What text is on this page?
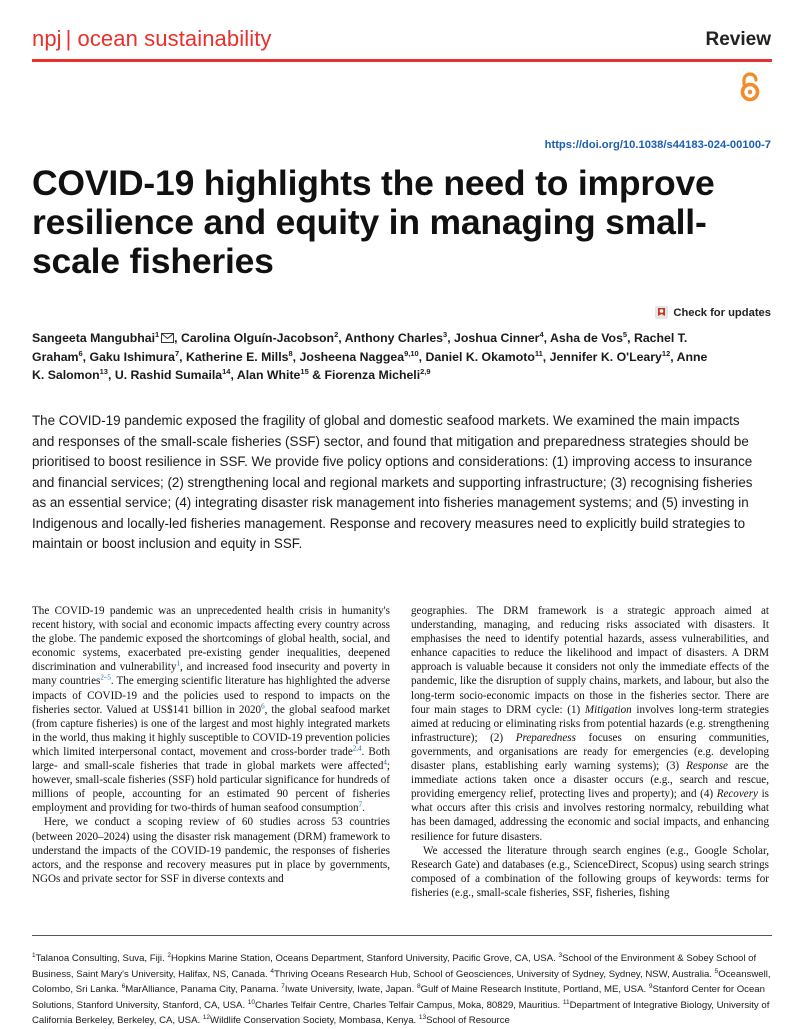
npj | ocean sustainability	Review
https://doi.org/10.1038/s44183-024-00100-7
COVID-19 highlights the need to improve resilience and equity in managing small-scale fisheries
Check for updates
Sangeeta Mangubhai$^1$ , Carolina Olguín-Jacobson$^2$, Anthony Charles$^3$, Joshua Cinner$^4$, Asha de Vos$^5$, Rachel T. Graham$^6$, Gaku Ishimura$^7$, Katherine E. Mills$^8$, Josheena Naggea$^{9,10}$, Daniel K. Okamoto$^{11}$, Jennifer K. O'Leary$^{12}$, Anne K. Salomon$^{13}$, U. Rashid Sumaila$^{14}$, Alan White$^{15}$ & Fiorenza Micheli$^{2,9}$

The COVID-19 pandemic exposed the fragility of global and domestic seafood markets. We examined the main impacts and responses of the small-scale fisheries (SSF) sector, and found that mitigation and preparedness strategies should be prioritised to boost resilience in SSF. We provide five policy options and considerations: (1) improving access to insurance and financial services; (2) strengthening local and regional markets and supporting infrastructure; (3) recognising fisheries as an essential service; (4) integrating disaster risk management into fisheries management systems; and (5) investing in Indigenous and locally-led fisheries management. Response and recovery measures need to explicitly build strategies to maintain or boost inclusion and equity in SSF.

The COVID-19 pandemic was an unprecedented health crisis in humanity's recent history, with social and economic impacts affecting every country across the globe. The pandemic exposed the shortcomings of global health, social, and economic systems, exacerbated pre-existing gender inequalities, deepened discrimination and vulnerability$^1$, and increased food insecurity and poverty in many countries$^{2-5}$. The emerging scientific literature has highlighted the adverse impacts of COVID-19 and the policies used to respond to impacts on the fisheries sector. Valued at US$141 billion in 2020$^6$, the global seafood market (from capture fisheries) is one of the largest and most highly integrated markets in the world, thus making it highly susceptible to COVID-19 prevention policies which limited interpersonal contact, movement and cross-border trade$^{2,4}$. Both large- and small-scale fisheries that trade in global markets were affected$^4$; however, small-scale fisheries (SSF) hold particular significance for hundreds of millions of people, accounting for an estimated 90 percent of fisheries employment and providing for two-thirds of human seafood consumption$^7$.

Here, we conduct a scoping review of 60 studies across 53 countries (between 2020–2024) using the disaster risk management (DRM) framework to understand the impacts of the COVID-19 pandemic, the responses of fisheries actors, and the response and recovery measures put in place by governments, NGOs and private sector for SSF in diverse contexts and

geographies. The DRM framework is a strategic approach aimed at understanding, managing, and reducing risks associated with disasters. It emphasises the need to identify potential hazards, assess vulnerabilities, and enhance capacities to reduce the likelihood and impact of disasters. A DRM approach is valuable because it considers not only the immediate effects of the pandemic, like the disruption of supply chains, markets, and labour, but also the long-term socio-economic impacts on those in the fisheries sector. There are four main stages to DRM cycle: (1) Mitigation involves long-term strategies aimed at reducing or eliminating risks from potential hazards (e.g. strengthening infrastructure); (2) Preparedness focuses on ensuring communities, governments, and organisations are ready for emergencies (e.g. developing disaster plans, establishing early warning systems); (3) Response are the immediate actions taken once a disaster occurs (e.g., search and rescue, providing emergency relief, protecting lives and property); and (4) Recovery is what occurs after this crisis and involves restoring normalcy, rebuilding what has been damaged, addressing the economic and social impacts, and enhancing resilience for future disasters.

We accessed the literature through search engines (e.g., Google Scholar, Research Gate) and databases (e.g., ScienceDirect, Scopus) using search strings composed of a combination of the following groups of keywords: terms for fisheries (e.g., small-scale fisheries, SSF, fisheries, fishing

$^1$Talanoa Consulting, Suva, Fiji. $^2$Hopkins Marine Station, Oceans Department, Stanford University, Pacific Grove, CA, USA. $^3$School of the Environment & Sobey School of Business, Saint Mary's University, Halifax, NS, Canada. $^4$Thriving Oceans Research Hub, School of Geosciences, University of Sydney, Sydney, NSW, Australia. $^5$Oceanswell, Colombo, Sri Lanka. $^6$MarAlliance, Panama City, Panama. $^7$Iwate University, Iwate, Japan. $^8$Gulf of Maine Research Institute, Portland, ME, USA. $^9$Stanford Center for Ocean Solutions, Stanford University, Stanford, CA, USA. $^{10}$Charles Telfair Centre, Charles Telfair Campus, Moka, 80829, Mauritius. $^{11}$Department of Integrative Biology, University of California Berkeley, Berkeley, CA, USA. $^{12}$Wildlife Conservation Society, Mombasa, Kenya. $^{13}$School of Resource
